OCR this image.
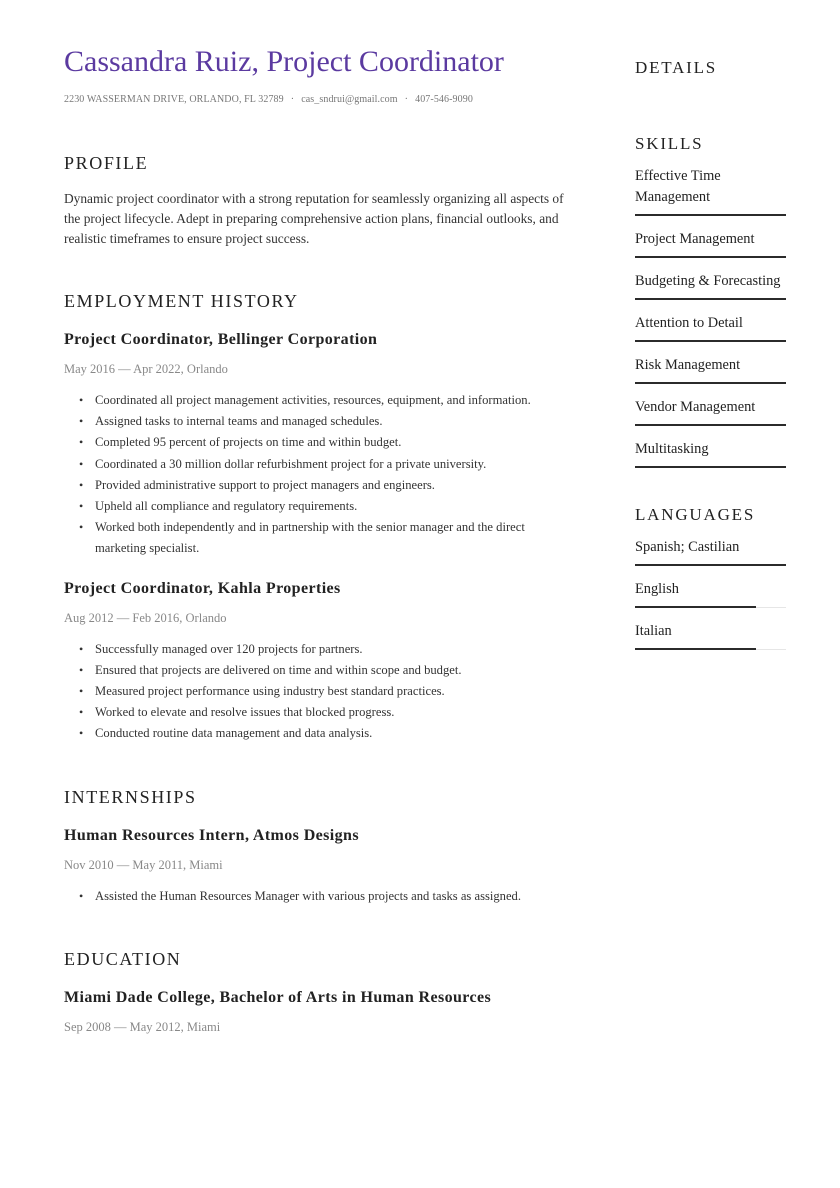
Cassandra Ruiz, Project Coordinator
2230 WASSERMAN DRIVE, ORLANDO, FL 32789 · cas_sndrui@gmail.com · 407-546-9090
PROFILE
Dynamic project coordinator with a strong reputation for seamlessly organizing all aspects of the project lifecycle. Adept in preparing comprehensive action plans, financial outlooks, and realistic timeframes to ensure project success.
EMPLOYMENT HISTORY
Project Coordinator, Bellinger Corporation
May 2016 — Apr 2022, Orlando
• Coordinated all project management activities, resources, equipment, and information.
• Assigned tasks to internal teams and managed schedules.
• Completed 95 percent of projects on time and within budget.
• Coordinated a 30 million dollar refurbishment project for a private university.
• Provided administrative support to project managers and engineers.
• Upheld all compliance and regulatory requirements.
• Worked both independently and in partnership with the senior manager and the direct marketing specialist.
Project Coordinator, Kahla Properties
Aug 2012 — Feb 2016, Orlando
• Successfully managed over 120 projects for partners.
• Ensured that projects are delivered on time and within scope and budget.
• Measured project performance using industry best standard practices.
• Worked to elevate and resolve issues that blocked progress.
• Conducted routine data management and data analysis.
INTERNSHIPS
Human Resources Intern, Atmos Designs
Nov 2010 — May 2011, Miami
• Assisted the Human Resources Manager with various projects and tasks as assigned.
EDUCATION
Miami Dade College, Bachelor of Arts in Human Resources
Sep 2008 — May 2012, Miami
DETAILS
SKILLS
Effective Time Management
Project Management
Budgeting & Forecasting
Attention to Detail
Risk Management
Vendor Management
Multitasking
LANGUAGES
Spanish; Castilian
English
Italian
